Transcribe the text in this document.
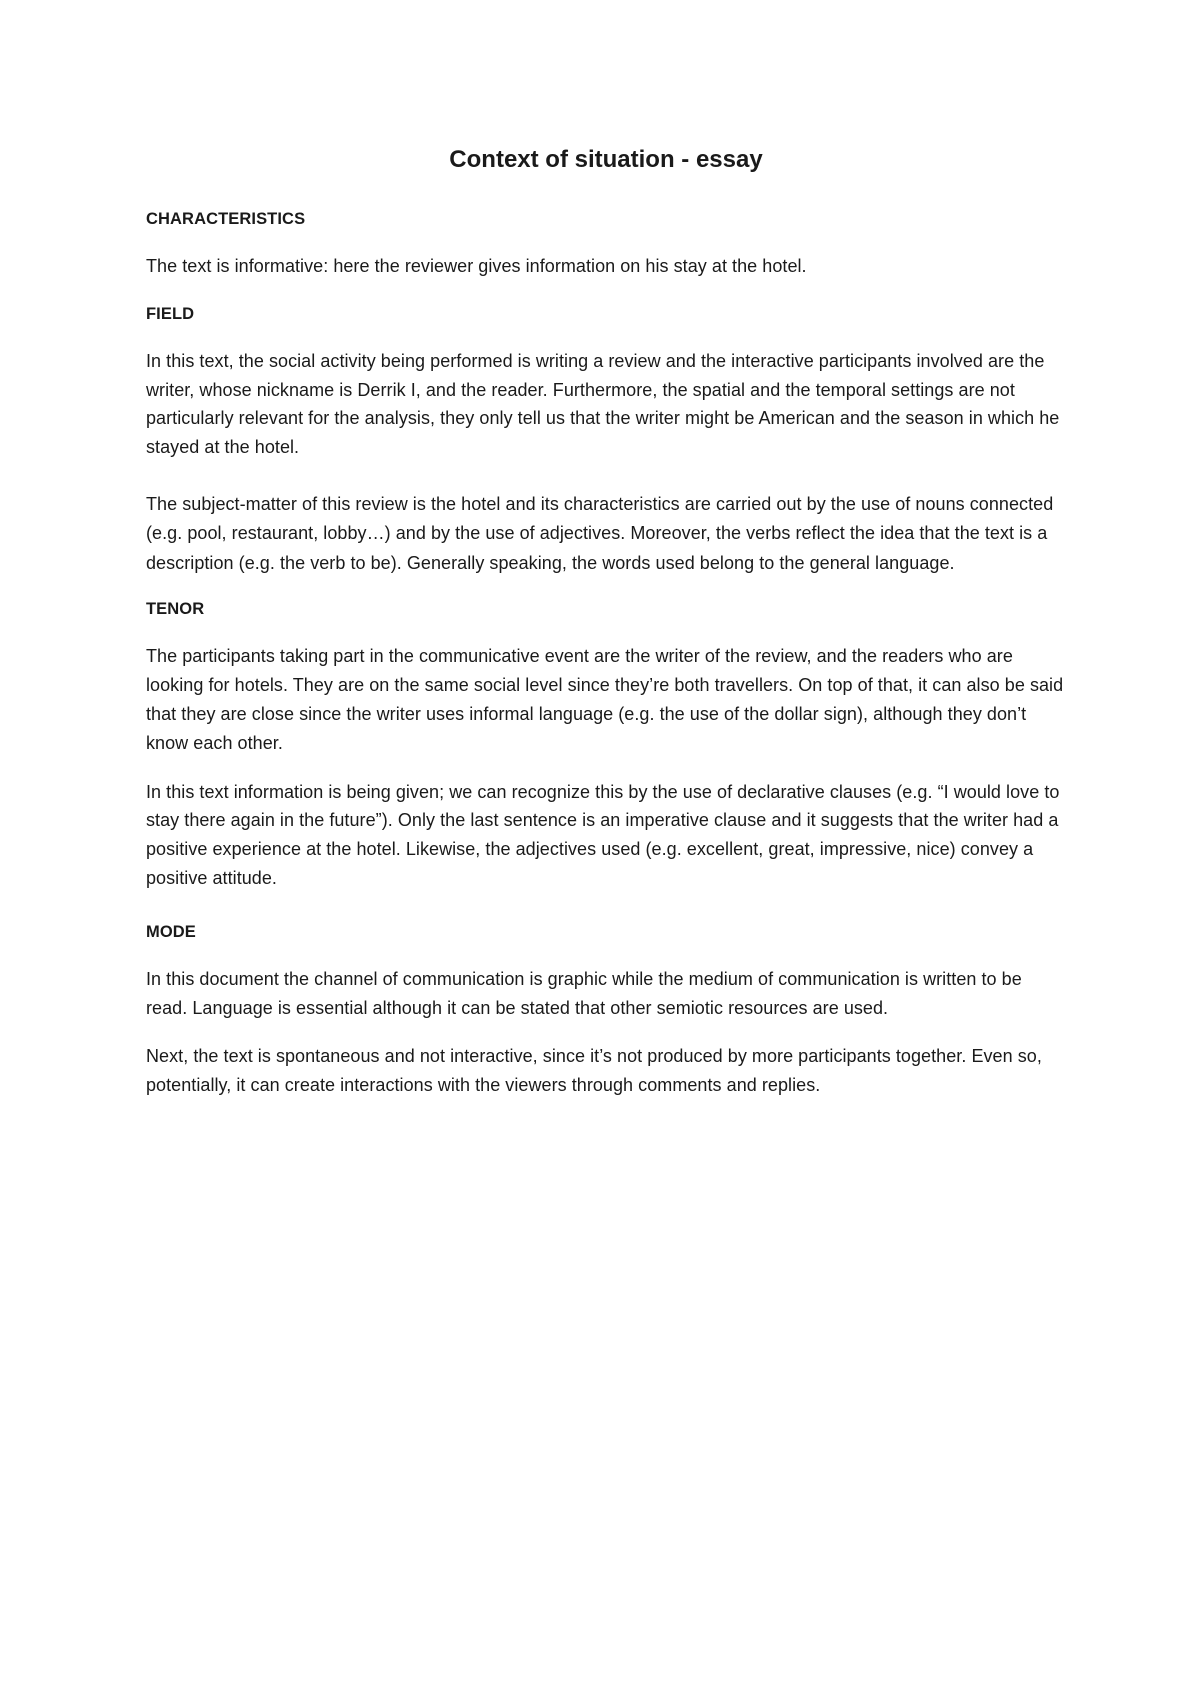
Context of situation - essay
CHARACTERISTICS

The text is informative: here the reviewer gives information on his stay at the hotel.

FIELD

In this text, the social activity being performed is writing a review and the interactive participants involved are the writer, whose nickname is Derrik I, and the reader. Furthermore, the spatial and the temporal settings are not particularly relevant for the analysis, they only tell us that the writer might be American and the season in which he stayed at the hotel.

The subject-matter of this review is the hotel and its characteristics are carried out by the use of nouns connected (e.g. pool, restaurant, lobby…) and by the use of adjectives. Moreover, the verbs reflect the idea that the text is a description (e.g. the verb to be). Generally speaking, the words used belong to the general language.

TENOR

The participants taking part in the communicative event are the writer of the review, and the readers who are looking for hotels. They are on the same social level since they’re both travellers. On top of that, it can also be said that they are close since the writer uses informal language (e.g. the use of the dollar sign), although they don’t know each other.

In this text information is being given; we can recognize this by the use of declarative clauses (e.g. “I would love to stay there again in the future”). Only the last sentence is an imperative clause and it suggests that the writer had a positive experience at the hotel. Likewise, the adjectives used (e.g. excellent, great, impressive, nice) convey a positive attitude.

MODE

In this document the channel of communication is graphic while the medium of communication is written to be read. Language is essential although it can be stated that other semiotic resources are used.

Next, the text is spontaneous and not interactive, since it’s not produced by more participants together. Even so, potentially, it can create interactions with the viewers through comments and replies.
